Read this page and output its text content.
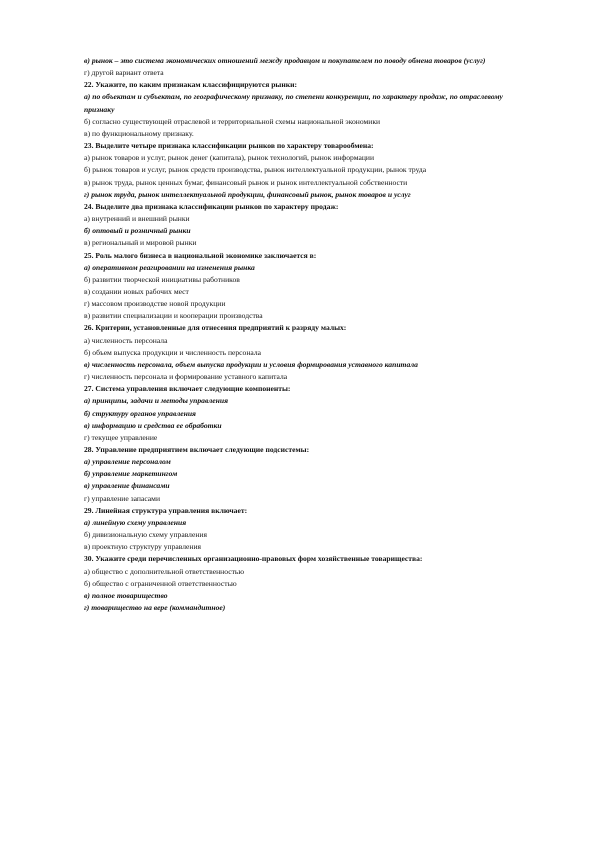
в) рынок – это система экономических отношений между продавцом и покупателем по поводу обмена товаров (услуг)
г) другой вариант ответа
22. Укажите, по каким признакам классифицируются рынки:
а) по объектам и субъектам, по географическому признаку, по степени конкуренции, по характеру продаж, по отраслевому признаку
б) согласно существующей отраслевой и территориальной схемы национальной экономики
в) по функциональному признаку.
23. Выделите четыре признака классификации рынков по характеру товарообмена:
а) рынок товаров и услуг, рынок денег (капитала), рынок технологий, рынок информации
б) рынок товаров и услуг, рынок средств производства, рынок интеллектуальной продукции, рынок труда
в) рынок труда, рынок ценных бумаг, финансовый рынок и рынок интеллектуальной собственности
г) рынок труда, рынок интеллектуальной продукции, финансовый рынок, рынок товаров и услуг
24. Выделите два признака классификации рынков по характеру продаж:
а) внутренний и внешний рынки
б) оптовый и розничный рынки
в) региональный и мировой рынки
25. Роль малого бизнеса в национальной экономике заключается в:
а) оперативном реагировании на изменения рынка
б) развитии творческой инициативы работников
в) создании новых рабочих мест
г) массовом производстве новой продукции
в) развитии специализации и кооперации производства
26. Критерии, установленные для отнесения предприятий к разряду малых:
а) численность персонала
б) объем выпуска продукции и численность персонала
в) численность персонала, объем выпуска продукции и условия формирования уставного капитала
г) численность персонала и формирование уставного капитала
27. Система управления включает следующие компоненты:
а) принципы, задачи и методы управления
б) структуру органов управления
в) информацию и средства ее обработки
г) текущее управление
28. Управление предприятием включает следующие подсистемы:
а) управление персоналом
б) управление маркетингом
в) управление финансами
г) управление запасами
29. Линейная структура управления включает:
а) линейную схему управления
б) дивизиональную схему управления
в) проектную структуру управления
30. Укажите среди перечисленных организационно-правовых форм хозяйственные товарищества:
а) общество с дополнительной ответственностью
б) общество с ограниченной ответственностью
в) полное товарищество
г) товарищество на вере (коммандитное)
